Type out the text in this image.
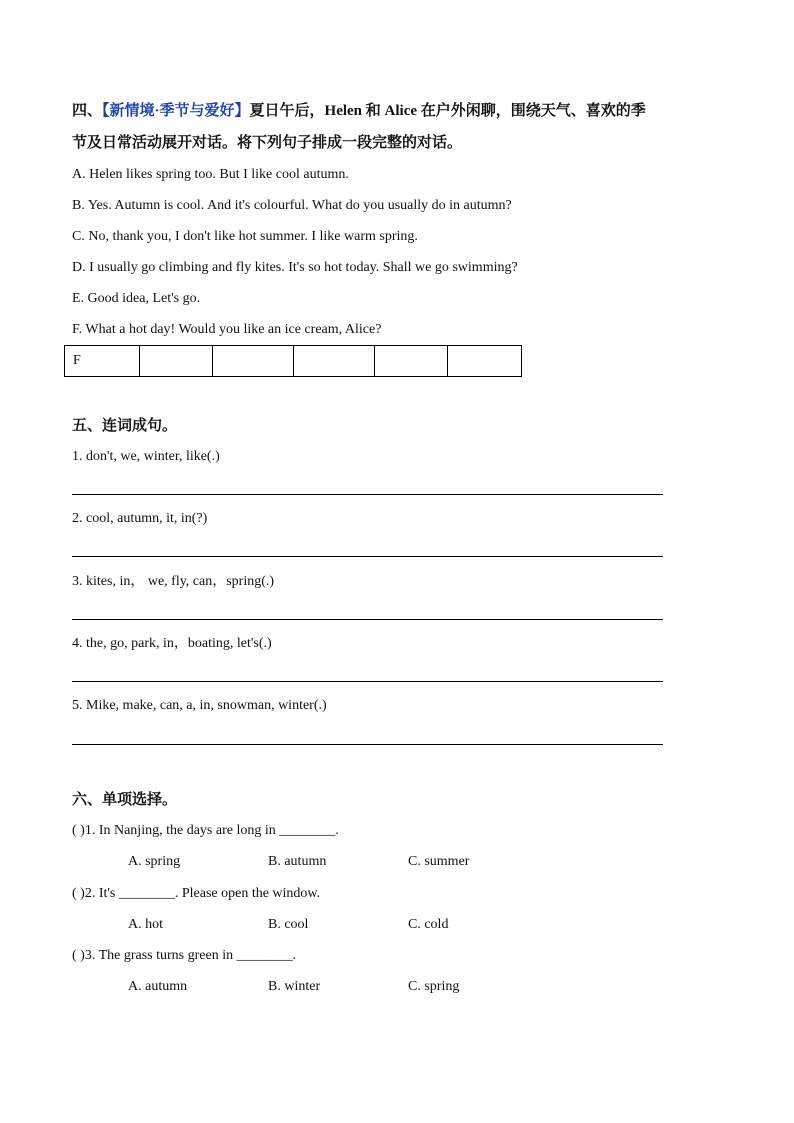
四、【新情境·季节与爱好】夏日午后，Helen 和 Alice 在户外闲聊，围绕天气、喜欢的季
节及日常活动展开对话。将下列句子排成一段完整的对话。
A. Helen likes spring too. But I like cool autumn.
B. Yes. Autumn is cool. And it's colourful. What do you usually do in autumn?
C. No, thank you, I don't like hot summer. I like warm spring.
D. I usually go climbing and fly kites. It's so hot today. Shall we go swimming?
E. Good idea, Let's go.
F. What a hot day! Would you like an ice cream, Alice?
F					
五、连词成句。
1. don't, we, winter, like(.)
2. cool, autumn, it, in(?)
3. kites, in， we, fly, can，spring(.)
4. the, go, park, in，boating, let's(.)
5. Mike, make, can, a, in, snowman, winter(.)
六、单项选择。
( )1. In Nanjing, the days are long in ________.
A. spring	B. autumn	C. summer
( )2. It's ________. Please open the window.
A. hot	B. cool	C. cold
( )3. The grass turns green in ________.
A. autumn	B. winter	C. spring
